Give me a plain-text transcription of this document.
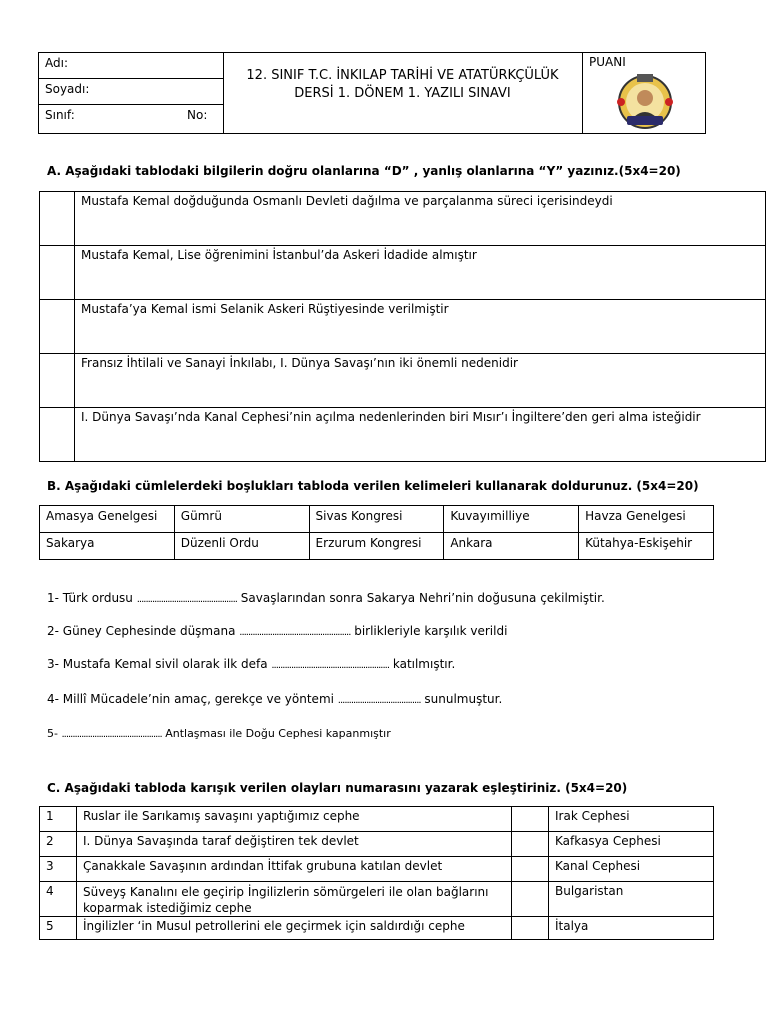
Adı:
Soyadı:
Sınıf:	No:
12. SINIF T.C. İNKILAP TARİHİ VE ATATÜRKÇÜLÜK
DERSİ 1. DÖNEM 1. YAZILI SINAVI
PUANI
A. Aşağıdaki tablodaki bilgilerin doğru olanlarına “D” , yanlış olanlarına “Y” yazınız.(5x4=20)
	Mustafa Kemal doğduğunda Osmanlı Devleti dağılma ve parçalanma süreci içerisindeydi
	Mustafa Kemal, Lise öğrenimini İstanbul’da Askeri İdadide almıştır
	Mustafa’ya Kemal ismi Selanik Askeri Rüştiyesinde verilmiştir
	Fransız İhtilali ve Sanayi İnkılabı, I. Dünya Savaşı’nın iki önemli nedenidir
	I. Dünya Savaşı’nda Kanal Cephesi’nin açılma nedenlerinden biri Mısır’ı İngiltere’den geri alma isteğidir
B. Aşağıdaki cümlelerdeki boşlukları tabloda verilen kelimeleri kullanarak doldurunuz. (5x4=20)
Amasya Genelgesi	Gümrü	Sivas Kongresi	Kuvayımilliye	Havza Genelgesi
Sakarya	Düzenli Ordu	Erzurum Kongresi	Ankara	Kütahya-Eskişehir
1- Türk ordusu .............................................. Savaşlarından sonra Sakarya Nehri’nin doğusuna çekilmiştir.
2- Güney Cephesinde düşmana ................................................... birlikleriyle karşılık verildi
3- Mustafa Kemal sivil olarak ilk defa ...................................................... katılmıştır.
4- Millî Mücadele’nin amaç, gerekçe ve yöntemi ...................................... sunulmuştur.
5- .............................................. Antlaşması ile Doğu Cephesi kapanmıştır
C. Aşağıdaki tabloda karışık verilen olayları numarasını yazarak eşleştiriniz. (5x4=20)
1	Ruslar ile Sarıkamış savaşını yaptığımız cephe		Irak Cephesi
2	I. Dünya Savaşında taraf değiştiren tek devlet		Kafkasya Cephesi
3	Çanakkale Savaşının ardından İttifak grubuna katılan devlet		Kanal Cephesi
4	Süveyş Kanalını ele geçirip İngilizlerin sömürgeleri ile olan bağlarını koparmak istediğimiz cephe		Bulgaristan
5	İngilizler ‘in Musul petrollerini ele geçirmek için saldırdığı cephe		İtalya
